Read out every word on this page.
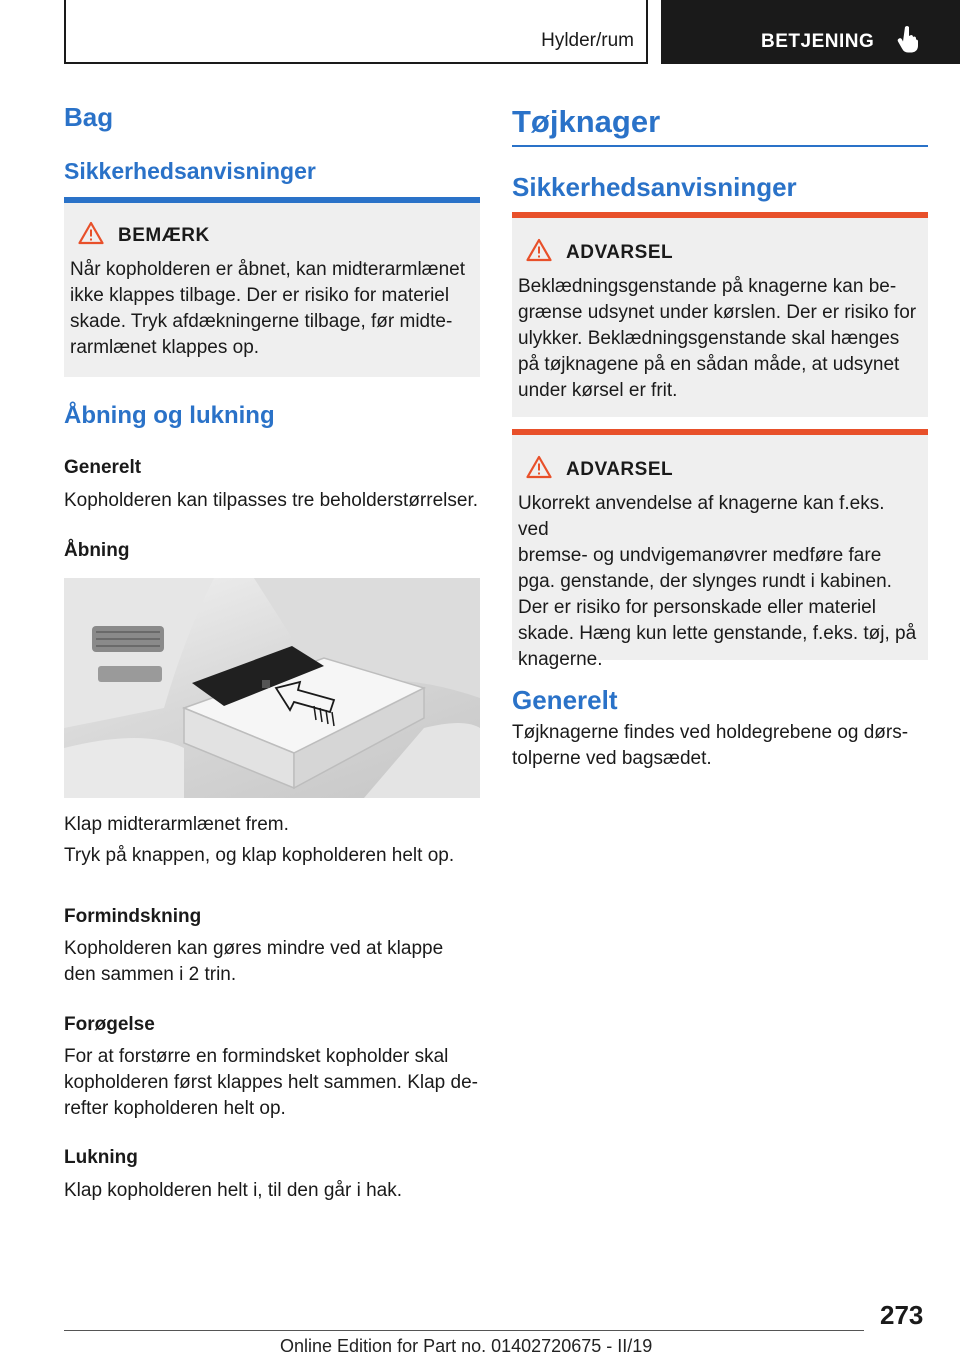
Hylder/rum	BETJENING
Bag
Sikkerhedsanvisninger
BEMÆRK
Når kopholderen er åbnet, kan midterarmlænet
ikke klappes tilbage. Der er risiko for materiel
skade. Tryk afdækningerne tilbage, før midte-
rarmlænet klappes op.
Åbning og lukning
Generelt
Kopholderen kan tilpasses tre beholderstørrelser.
Åbning
Klap midterarmlænet frem.
Tryk på knappen, og klap kopholderen helt op.
Formindskning
Kopholderen kan gøres mindre ved at klappe
den sammen i 2 trin.
Forøgelse
For at forstørre en formindsket kopholder skal
kopholderen først klappes helt sammen. Klap de-
refter kopholderen helt op.
Lukning
Klap kopholderen helt i, til den går i hak.
Tøjknager
Sikkerhedsanvisninger
ADVARSEL
Beklædningsgenstande på knagerne kan be-
grænse udsynet under kørslen. Der er risiko for
ulykker. Beklædningsgenstande skal hænges
på tøjknagene på en sådan måde, at udsynet
under kørsel er frit.
ADVARSEL
Ukorrekt anvendelse af knagerne kan f.eks. ved
bremse- og undvigemanøvrer medføre fare
pga. genstande, der slynges rundt i kabinen.
Der er risiko for personskade eller materiel
skade. Hæng kun lette genstande, f.eks. tøj, på
knagerne.
Generelt
Tøjknagerne findes ved holdegrebene og dørs-
tolperne ved bagsædet.
273
Online Edition for Part no. 01402720675 - II/19
